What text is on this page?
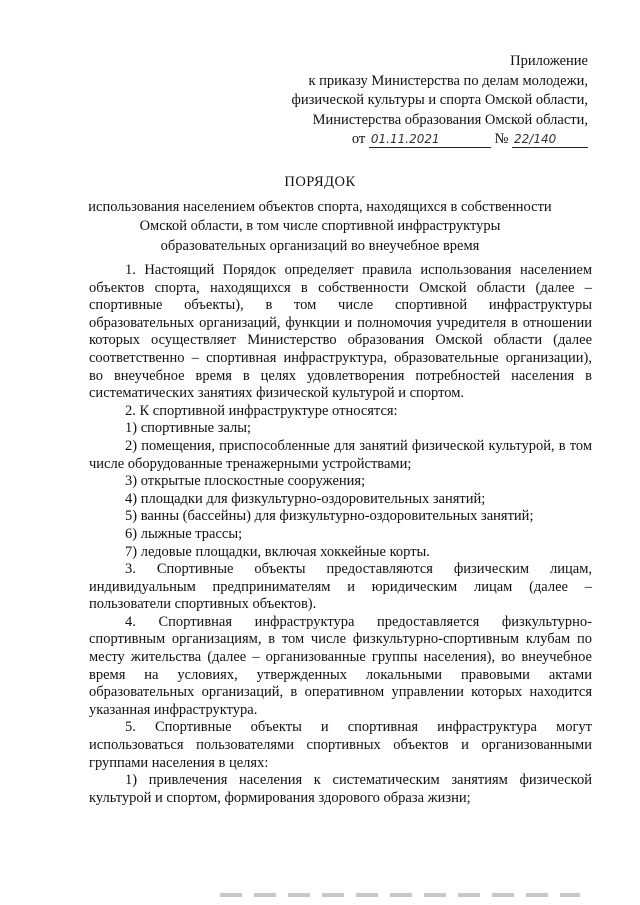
Приложение
к приказу Министерства по делам молодежи,
физической культуры и спорта Омской области,
Министерства образования Омской области,
от 01.11.2021	№ 22/140
ПОРЯДОК
использования населением объектов спорта, находящихся в собственности
Омской области, в том числе спортивной инфраструктуры
образовательных организаций во внеучебное время

1. Настоящий Порядок определяет правила использования населением объектов спорта, находящихся в собственности Омской области (далее – спортивные объекты), в том числе спортивной инфраструктуры образовательных организаций, функции и полномочия учредителя в отношении которых осуществляет Министерство образования Омской области (далее соответственно – спортивная инфраструктура, образовательные организации), во внеучебное время в целях удовлетворения потребностей населения в систематических занятиях физической культурой и спортом.

2. К спортивной инфраструктуре относятся:

1) спортивные залы;

2) помещения, приспособленные для занятий физической культурой, в том числе оборудованные тренажерными устройствами;

3) открытые плоскостные сооружения;

4) площадки для физкультурно-оздоровительных занятий;

5) ванны (бассейны) для физкультурно-оздоровительных занятий;

6) лыжные трассы;

7) ледовые площадки, включая хоккейные корты.

3. Спортивные объекты предоставляются физическим лицам, индивидуальным предпринимателям и юридическим лицам (далее – пользователи спортивных объектов).

4. Спортивная инфраструктура предоставляется физкультурно-спортивным организациям, в том числе физкультурно-спортивным клубам по месту жительства (далее – организованные группы населения), во внеучебное время на условиях, утвержденных локальными правовыми актами образовательных организаций, в оперативном управлении которых находится указанная инфраструктура.

5. Спортивные объекты и спортивная инфраструктура могут использоваться пользователями спортивных объектов и организованными группами населения в целях:

1) привлечения населения к систематическим занятиям физической культурой и спортом, формирования здорового образа жизни;
